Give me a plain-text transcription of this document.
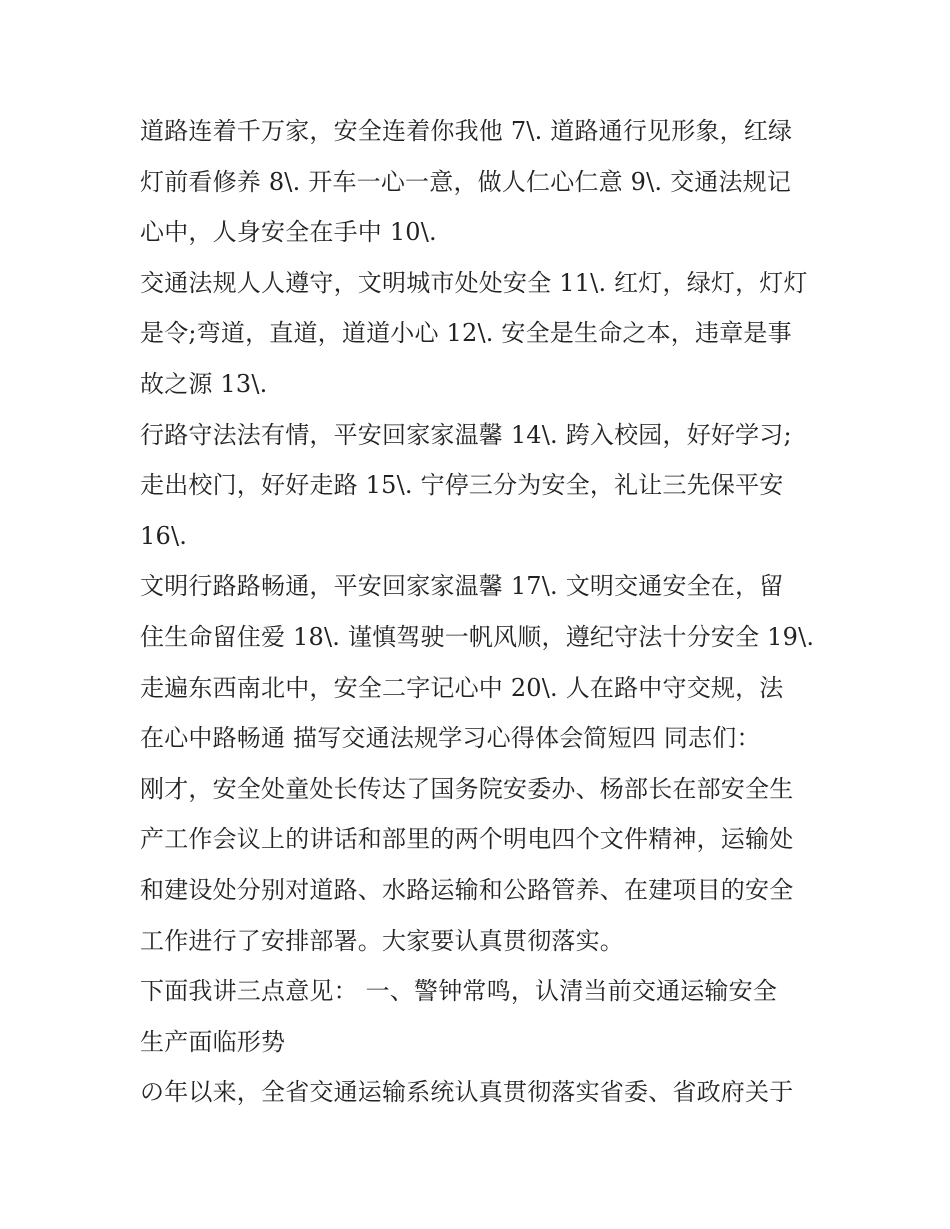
道路连着千万家，安全连着你我他 7\. 道路通行见形象，红绿
灯前看修养 8\. 开车一心一意，做人仁心仁意 9\. 交通法规记
心中，人身安全在手中 10\.
交通法规人人遵守，文明城市处处安全 11\. 红灯，绿灯，灯灯
是令;弯道，直道，道道小心 12\. 安全是生命之本，违章是事
故之源 13\.
行路守法法有情，平安回家家温馨 14\. 跨入校园，好好学习;
走出校门，好好走路 15\. 宁停三分为安全，礼让三先保平安
16\.
文明行路路畅通，平安回家家温馨 17\. 文明交通安全在，留
住生命留住爱 18\. 谨慎驾驶一帆风顺，遵纪守法十分安全 19\.
走遍东西南北中，安全二字记心中 20\. 人在路中守交规，法
在心中路畅通 描写交通法规学习心得体会简短四 同志们：
刚才，安全处童处长传达了国务院安委办、杨部长在部安全生
产工作会议上的讲话和部里的两个明电四个文件精神，运输处
和建设处分别对道路、水路运输和公路管养、在建项目的安全
工作进行了安排部署。大家要认真贯彻落实。
下面我讲三点意见： 一、警钟常鸣，认清当前交通运输安全
生产面临形势
の年以来，全省交通运输系统认真贯彻落实省委、省政府关于
